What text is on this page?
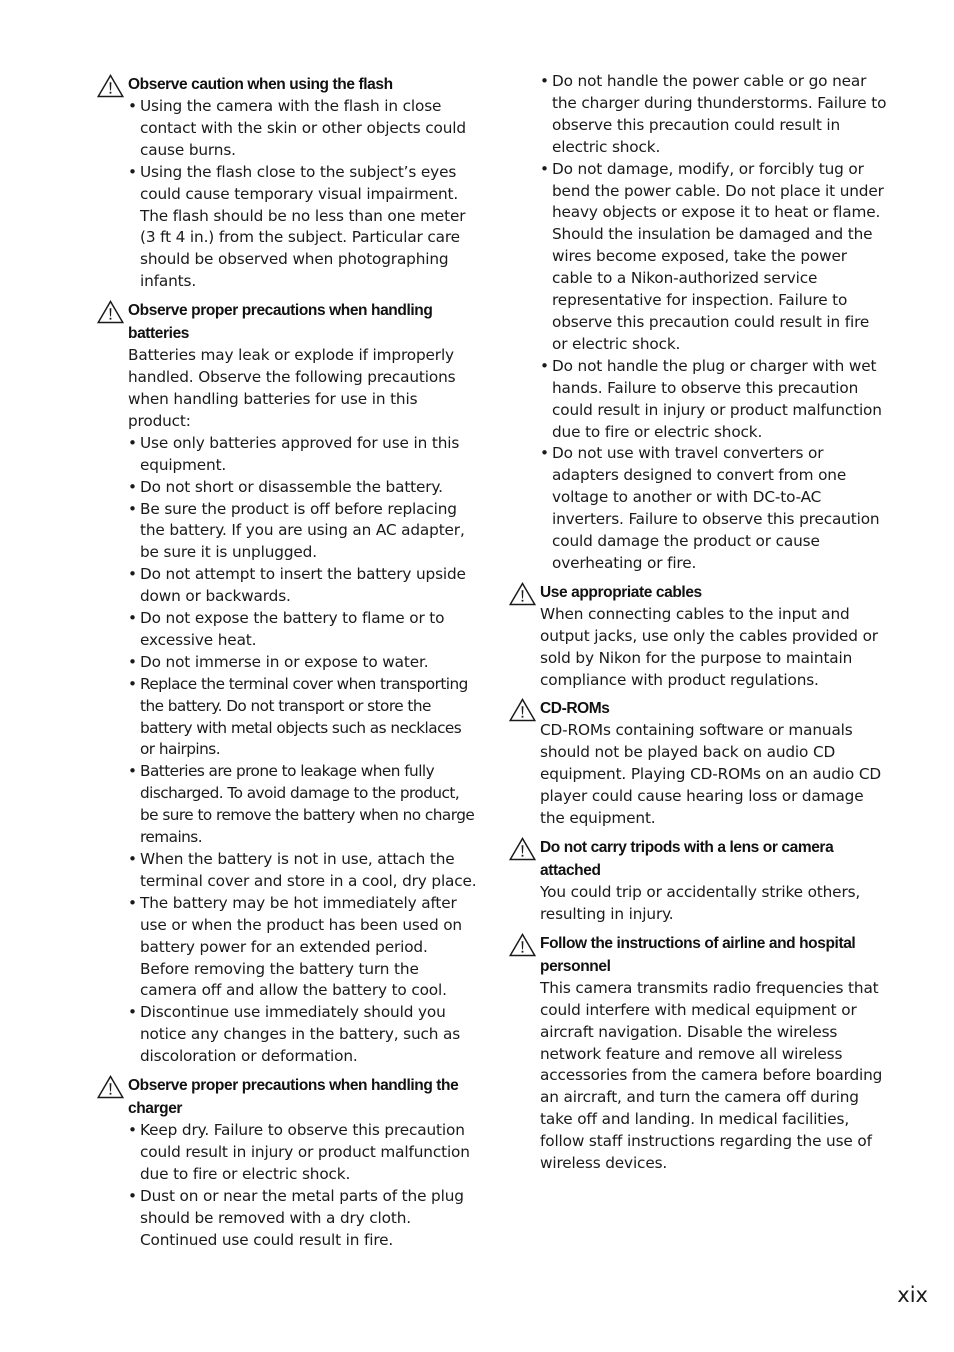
Observe caution when using the flash
• Using the camera with the flash in close contact with the skin or other objects could cause burns.
• Using the flash close to the subject’s eyes could cause temporary visual impairment. The flash should be no less than one meter (3 ft 4 in.) from the subject. Particular care should be observed when photographing infants.
Observe proper precautions when handling batteries

Batteries may leak or explode if improperly handled. Observe the following precautions when handling batteries for use in this product:

• Use only batteries approved for use in this equipment.
• Do not short or disassemble the battery.
• Be sure the product is off before replacing the battery. If you are using an AC adapter, be sure it is unplugged.
• Do not attempt to insert the battery upside down or backwards.
• Do not expose the battery to flame or to excessive heat.
• Do not immerse in or expose to water.
• Replace the terminal cover when transporting the battery. Do not transport or store the battery with metal objects such as necklaces or hairpins.
• Batteries are prone to leakage when fully discharged. To avoid damage to the product, be sure to remove the battery when no charge remains.
• When the battery is not in use, attach the terminal cover and store in a cool, dry place.
• The battery may be hot immediately after use or when the product has been used on battery power for an extended period. Before removing the battery turn the camera off and allow the battery to cool.
• Discontinue use immediately should you notice any changes in the battery, such as discoloration or deformation.
Observe proper precautions when handling the charger
• Keep dry. Failure to observe this precaution could result in injury or product malfunction due to fire or electric shock.
• Dust on or near the metal parts of the plug should be removed with a dry cloth. Continued use could result in fire.
• Do not handle the power cable or go near the charger during thunderstorms. Failure to observe this precaution could result in electric shock.
• Do not damage, modify, or forcibly tug or bend the power cable. Do not place it under heavy objects or expose it to heat or flame. Should the insulation be damaged and the wires become exposed, take the power cable to a Nikon-authorized service representative for inspection. Failure to observe this precaution could result in fire or electric shock.
• Do not handle the plug or charger with wet hands. Failure to observe this precaution could result in injury or product malfunction due to fire or electric shock.
• Do not use with travel converters or adapters designed to convert from one voltage to another or with DC-to-AC inverters. Failure to observe this precaution could damage the product or cause overheating or fire.
Use appropriate cables

When connecting cables to the input and output jacks, use only the cables provided or sold by Nikon for the purpose to maintain compliance with product regulations.

CD-ROMs

CD-ROMs containing software or manuals should not be played back on audio CD equipment. Playing CD-ROMs on an audio CD player could cause hearing loss or damage the equipment.

Do not carry tripods with a lens or camera attached

You could trip or accidentally strike others, resulting in injury.

Follow the instructions of airline and hospital personnel

This camera transmits radio frequencies that could interfere with medical equipment or aircraft navigation. Disable the wireless network feature and remove all wireless accessories from the camera before boarding an aircraft, and turn the camera off during take off and landing. In medical facilities, follow staff instructions regarding the use of wireless devices.

xix
